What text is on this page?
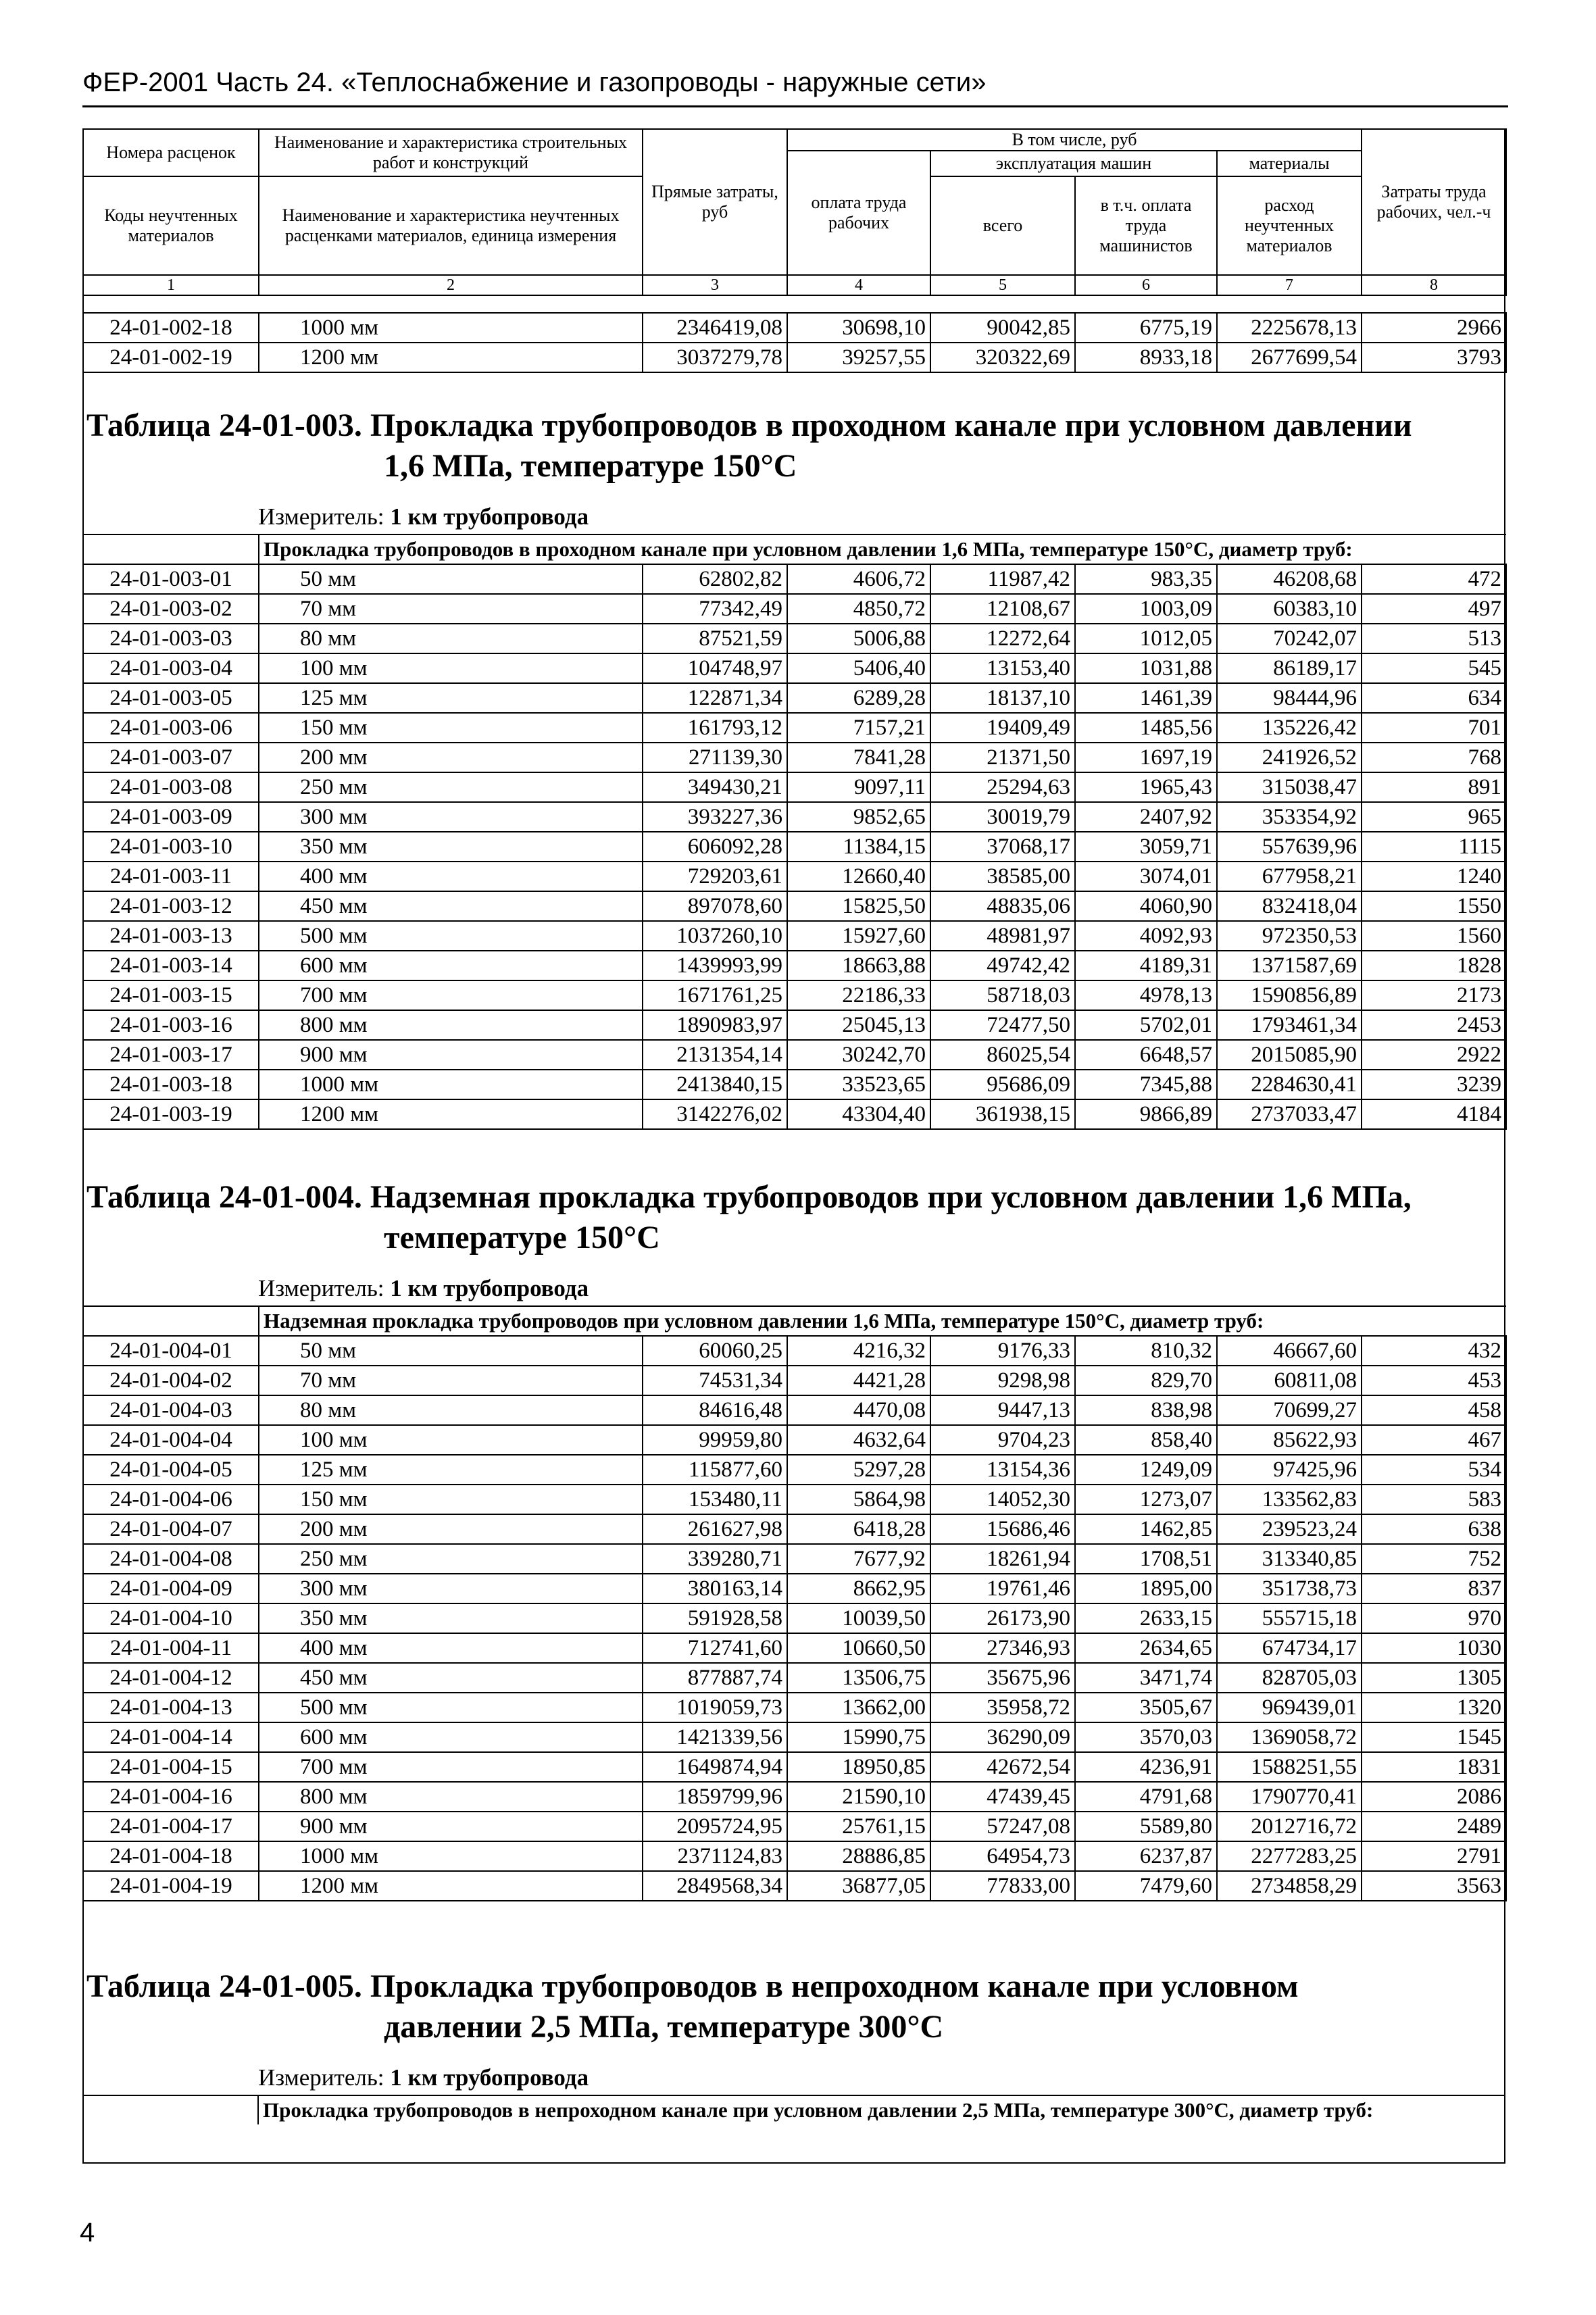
ФЕР-2001 Часть 24. «Теплоснабжение и газопроводы - наружные сети»
Номера расценок	Наименование и характеристика строительных работ и конструкций	Прямые затраты, руб	В том числе, руб				Затраты труда рабочих, чел.-ч
			оплата труда рабочих	эксплуатация машин		материалы	
Коды неучтенных материалов	Наименование и характеристика неучтенных расценками материалов, единица измерения			всего	в т.ч. оплата труда машинистов	расход неучтенных материалов	

1	2	3	4	5	6	7	8
24-01-002-18	1000 мм	2346419,08	30698,10	90042,85	6775,19	2225678,13	2966
24-01-002-19	1200 мм	3037279,78	39257,55	320322,69	8933,18	2677699,54	3793
Таблица 24-01-003. Прокладка трубопроводов в проходном канале при условном давлении
1,6 МПа, температуре 150°С
Измеритель: 1 км трубопровода
	Прокладка трубопроводов в проходном канале при условном давлении 1,6 МПа, температуре 150°С, диаметр труб:						
24-01-003-01	50 мм	62802,82	4606,72	11987,42	983,35	46208,68	472
24-01-003-02	70 мм	77342,49	4850,72	12108,67	1003,09	60383,10	497
24-01-003-03	80 мм	87521,59	5006,88	12272,64	1012,05	70242,07	513
24-01-003-04	100 мм	104748,97	5406,40	13153,40	1031,88	86189,17	545
24-01-003-05	125 мм	122871,34	6289,28	18137,10	1461,39	98444,96	634
24-01-003-06	150 мм	161793,12	7157,21	19409,49	1485,56	135226,42	701
24-01-003-07	200 мм	271139,30	7841,28	21371,50	1697,19	241926,52	768
24-01-003-08	250 мм	349430,21	9097,11	25294,63	1965,43	315038,47	891
24-01-003-09	300 мм	393227,36	9852,65	30019,79	2407,92	353354,92	965
24-01-003-10	350 мм	606092,28	11384,15	37068,17	3059,71	557639,96	1115
24-01-003-11	400 мм	729203,61	12660,40	38585,00	3074,01	677958,21	1240
24-01-003-12	450 мм	897078,60	15825,50	48835,06	4060,90	832418,04	1550
24-01-003-13	500 мм	1037260,10	15927,60	48981,97	4092,93	972350,53	1560
24-01-003-14	600 мм	1439993,99	18663,88	49742,42	4189,31	1371587,69	1828
24-01-003-15	700 мм	1671761,25	22186,33	58718,03	4978,13	1590856,89	2173
24-01-003-16	800 мм	1890983,97	25045,13	72477,50	5702,01	1793461,34	2453
24-01-003-17	900 мм	2131354,14	30242,70	86025,54	6648,57	2015085,90	2922
24-01-003-18	1000 мм	2413840,15	33523,65	95686,09	7345,88	2284630,41	3239
24-01-003-19	1200 мм	3142276,02	43304,40	361938,15	9866,89	2737033,47	4184
Таблица 24-01-004. Надземная прокладка трубопроводов при условном давлении 1,6 МПа,
температуре 150°С
Измеритель: 1 км трубопровода
	Надземная прокладка трубопроводов при условном давлении 1,6 МПа, температуре 150°С, диаметр труб:						
24-01-004-01	50 мм	60060,25	4216,32	9176,33	810,32	46667,60	432
24-01-004-02	70 мм	74531,34	4421,28	9298,98	829,70	60811,08	453
24-01-004-03	80 мм	84616,48	4470,08	9447,13	838,98	70699,27	458
24-01-004-04	100 мм	99959,80	4632,64	9704,23	858,40	85622,93	467
24-01-004-05	125 мм	115877,60	5297,28	13154,36	1249,09	97425,96	534
24-01-004-06	150 мм	153480,11	5864,98	14052,30	1273,07	133562,83	583
24-01-004-07	200 мм	261627,98	6418,28	15686,46	1462,85	239523,24	638
24-01-004-08	250 мм	339280,71	7677,92	18261,94	1708,51	313340,85	752
24-01-004-09	300 мм	380163,14	8662,95	19761,46	1895,00	351738,73	837
24-01-004-10	350 мм	591928,58	10039,50	26173,90	2633,15	555715,18	970
24-01-004-11	400 мм	712741,60	10660,50	27346,93	2634,65	674734,17	1030
24-01-004-12	450 мм	877887,74	13506,75	35675,96	3471,74	828705,03	1305
24-01-004-13	500 мм	1019059,73	13662,00	35958,72	3505,67	969439,01	1320
24-01-004-14	600 мм	1421339,56	15990,75	36290,09	3570,03	1369058,72	1545
24-01-004-15	700 мм	1649874,94	18950,85	42672,54	4236,91	1588251,55	1831
24-01-004-16	800 мм	1859799,96	21590,10	47439,45	4791,68	1790770,41	2086
24-01-004-17	900 мм	2095724,95	25761,15	57247,08	5589,80	2012716,72	2489
24-01-004-18	1000 мм	2371124,83	28886,85	64954,73	6237,87	2277283,25	2791
24-01-004-19	1200 мм	2849568,34	36877,05	77833,00	7479,60	2734858,29	3563
Таблица 24-01-005. Прокладка трубопроводов в непроходном канале при условном
давлении 2,5 МПа, температуре 300°С
Измеритель: 1 км трубопровода
	Прокладка трубопроводов в непроходном канале при условном давлении 2,5 МПа, температуре 300°С, диаметр труб:
4
